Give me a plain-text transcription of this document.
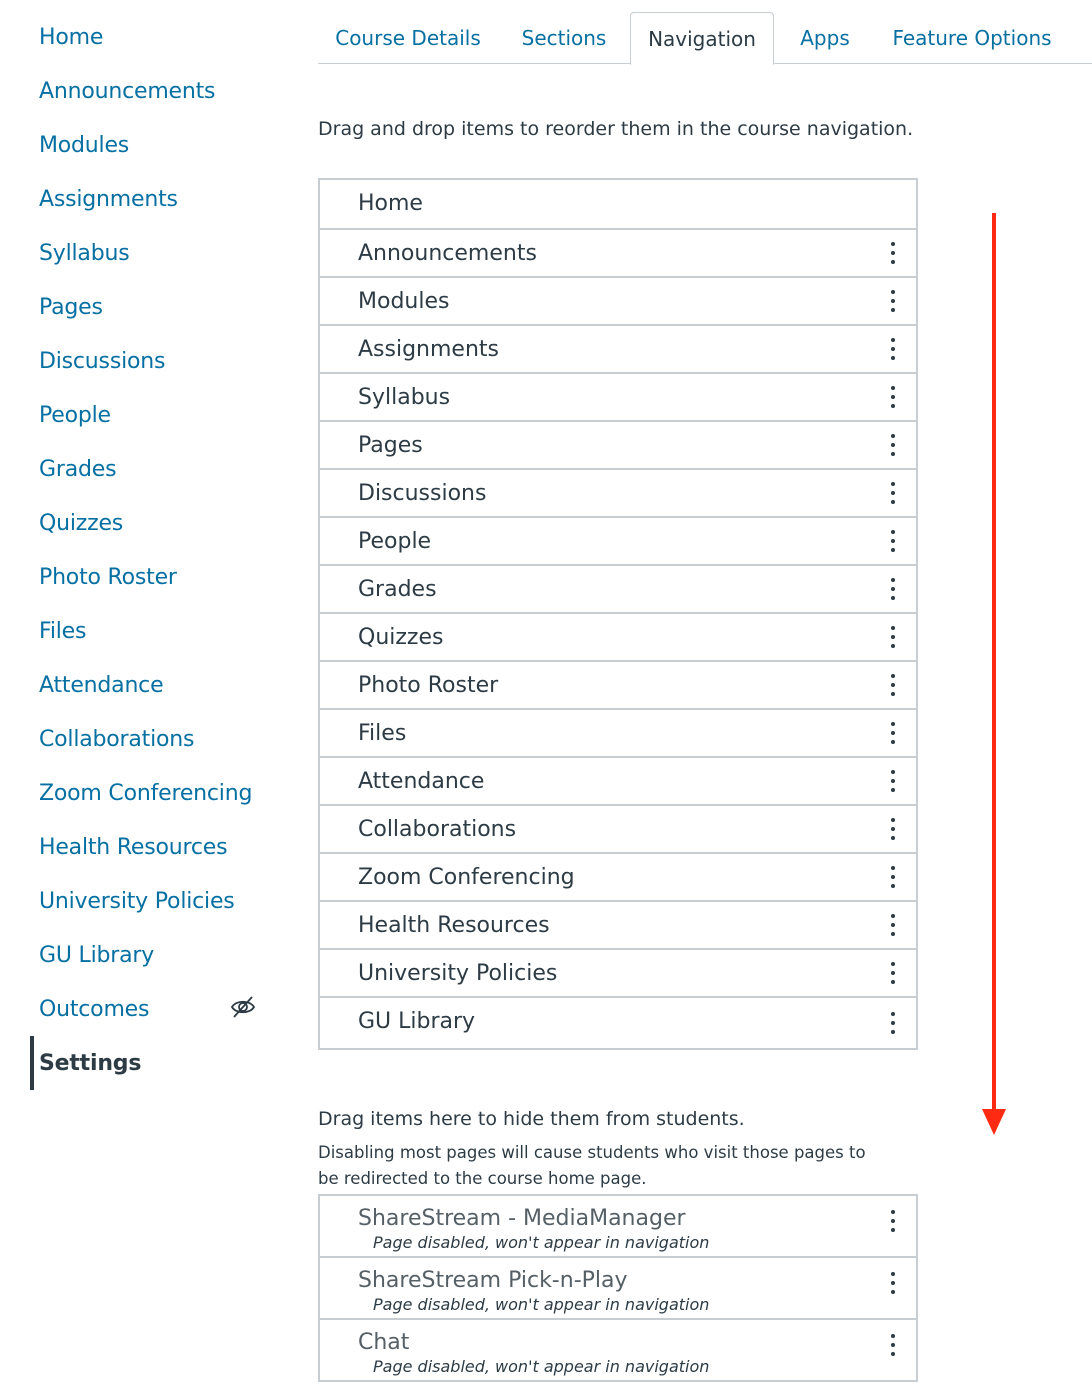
Home
Announcements
Modules
Assignments
Syllabus
Pages
Discussions
People
Grades
Quizzes
Photo Roster
Files
Attendance
Collaborations
Zoom Conferencing
Health Resources
University Policies
GU Library
Outcomes
Settings
Course Details	Sections	Navigation	Apps	Feature Options
Drag and drop items to reorder them in the course navigation.
Home
Announcements
Modules
Assignments
Syllabus
Pages
Discussions
People
Grades
Quizzes
Photo Roster
Files
Attendance
Collaborations
Zoom Conferencing
Health Resources
University Policies
GU Library
Drag items here to hide them from students.
Disabling most pages will cause students who visit those pages to be redirected to the course home page.
ShareStream - MediaManager
Page disabled, won't appear in navigation
ShareStream Pick-n-Play
Page disabled, won't appear in navigation
Chat
Page disabled, won't appear in navigation
